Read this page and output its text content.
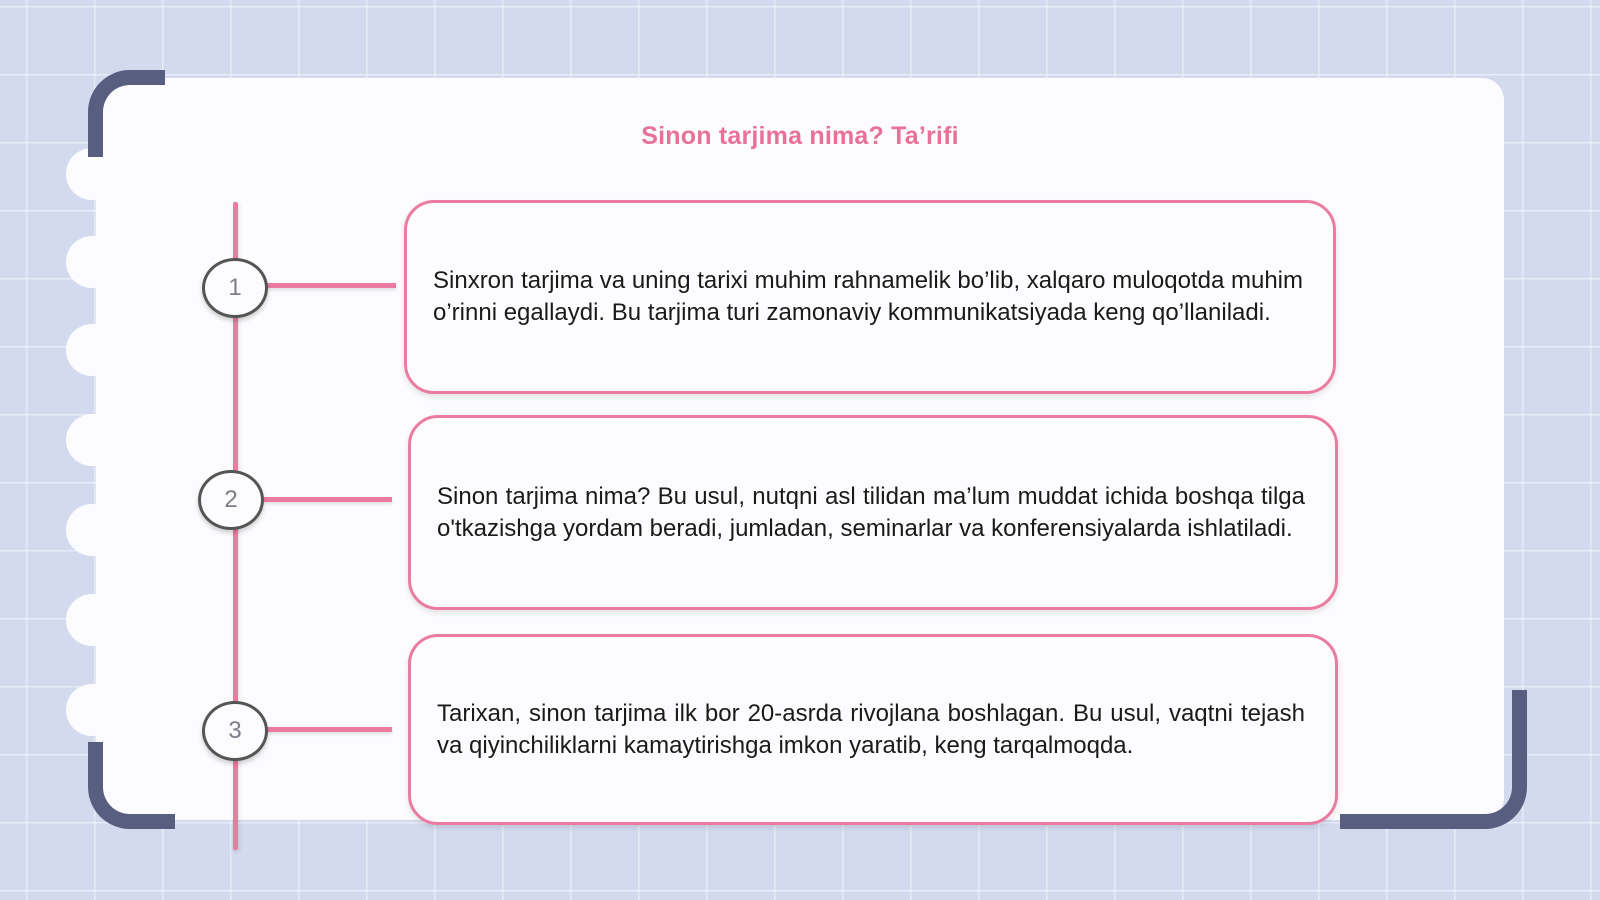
Sinon tarjima nima? Ta’rifi
1	Sinxron tarjima va uning tarixi muhim rahnamelik bo’lib, xalqaro muloqotda muhim o’rinni egallaydi. Bu tarjima turi zamonaviy kommunikatsiyada keng qo’llaniladi.

2	Sinon tarjima nima? Bu usul, nutqni asl tilidan ma’lum muddat ichida boshqa tilga o'tkazishga yordam beradi, jumladan, seminarlar va konferensiyalarda ishlatiladi.

3

Tarixan, sinon tarjima ilk bor 20-asrda rivojlana boshlagan. Bu usul, vaqtni tejash va qiyinchiliklarni kamaytirishga imkon yaratib, keng tarqalmoqda.
